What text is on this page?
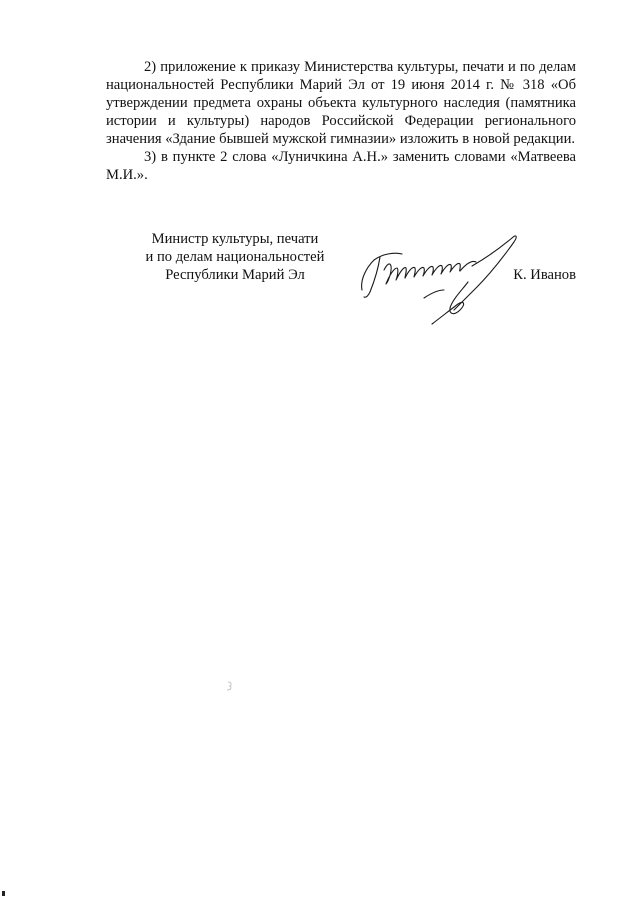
2) приложение к приказу Министерства культуры, печати и по делам национальностей Республики Марий Эл от 19 июня 2014 г. № 318 «Об утверждении предмета охраны объекта культурного наследия (памятника истории и культуры) народов Российской Федерации регионального значения «Здание бывшей мужской гимназии» изложить в новой редакции.

3) в пункте 2 слова «Луничкина А.Н.» заменить словами «Матвеева М.И.».

Министр культуры, печати
и по делам национальностей
Республики Марий Эл	К. Иванов
